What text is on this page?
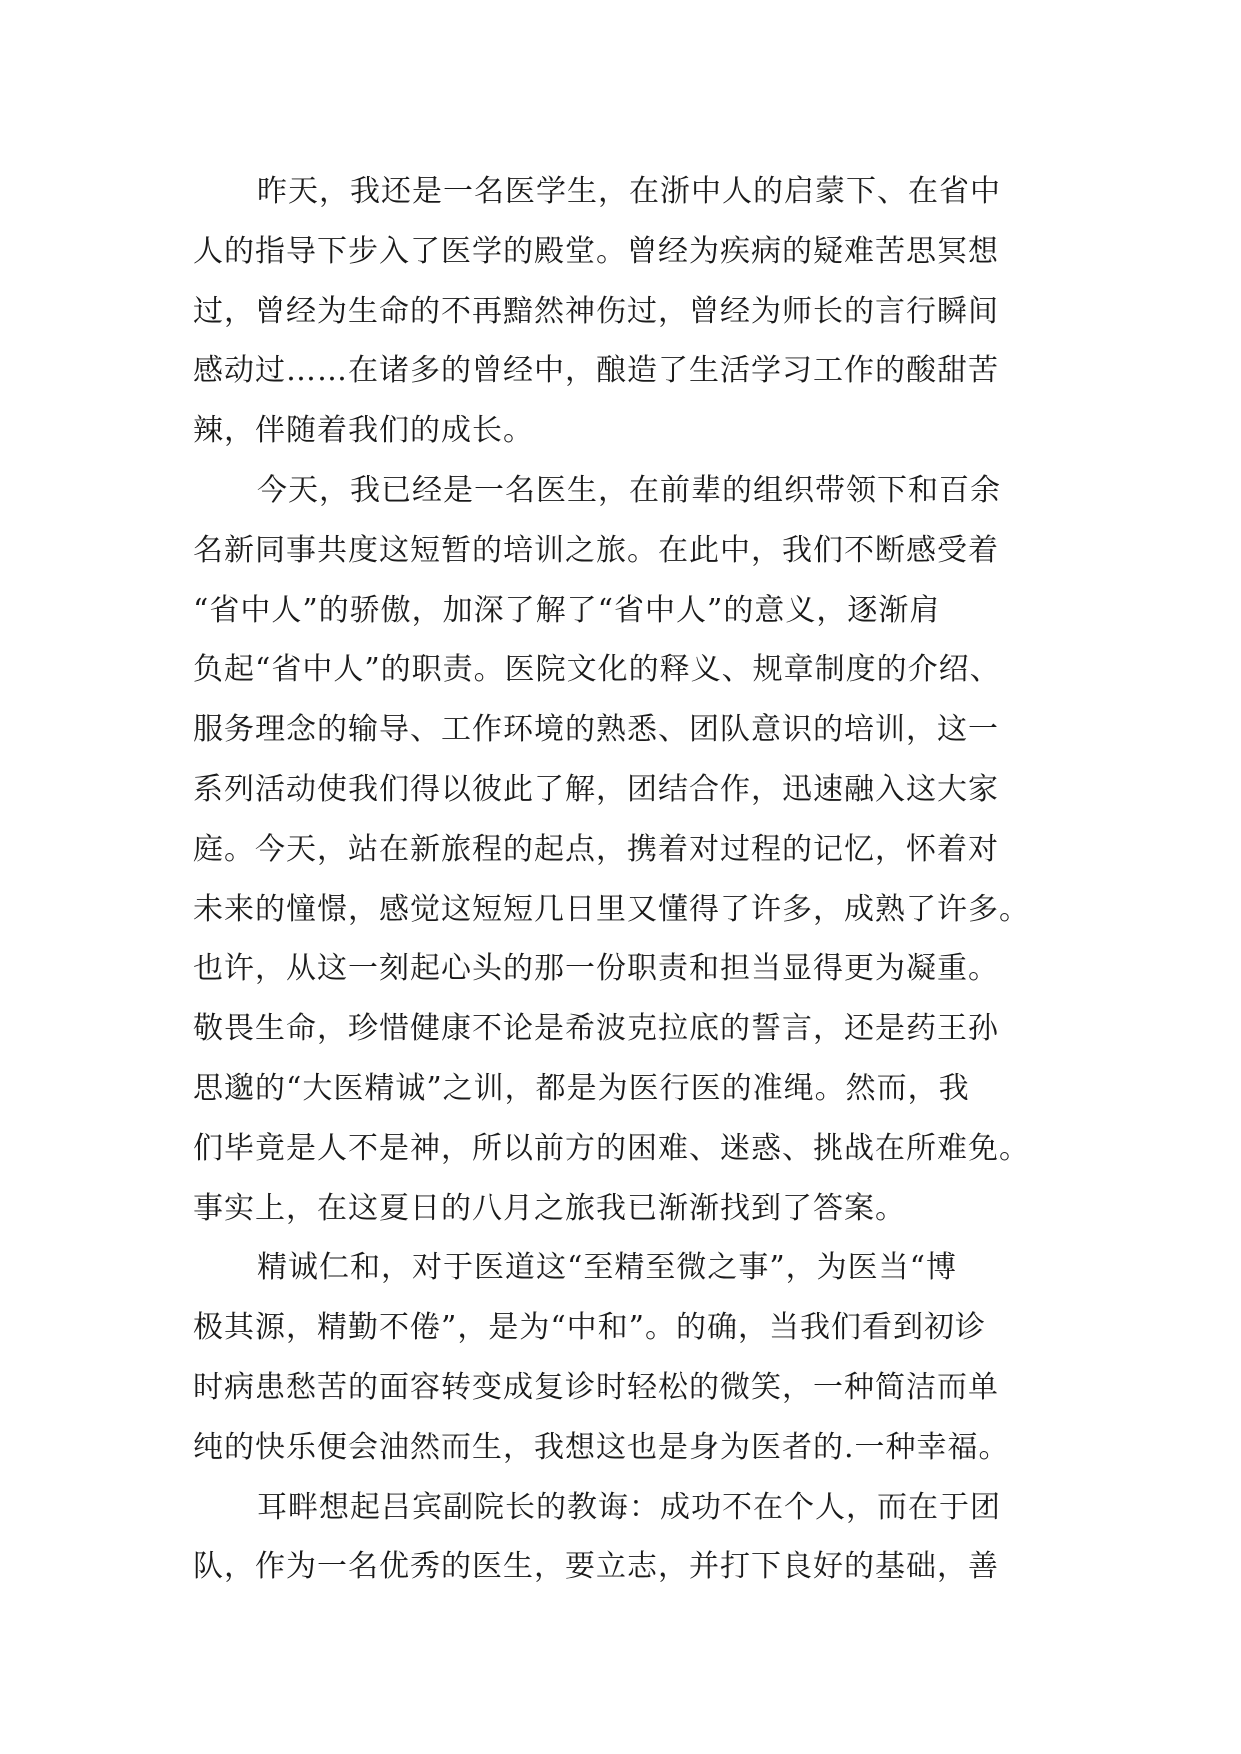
昨天，我还是一名医学生，在浙中人的启蒙下、在省中
人的指导下步入了医学的殿堂。曾经为疾病的疑难苦思冥想
过，曾经为生命的不再黯然神伤过，曾经为师长的言行瞬间
感动过……在诸多的曾经中，酿造了生活学习工作的酸甜苦
辣，伴随着我们的成长。
今天，我已经是一名医生，在前辈的组织带领下和百余
名新同事共度这短暂的培训之旅。在此中，我们不断感受着
“省中人”的骄傲，加深了解了“省中人”的意义，逐渐肩
负起“省中人”的职责。医院文化的释义、规章制度的介绍、
服务理念的输导、工作环境的熟悉、团队意识的培训，这一
系列活动使我们得以彼此了解，团结合作，迅速融入这大家
庭。今天，站在新旅程的起点，携着对过程的记忆，怀着对
未来的憧憬，感觉这短短几日里又懂得了许多，成熟了许多。
也许，从这一刻起心头的那一份职责和担当显得更为凝重。
敬畏生命，珍惜健康不论是希波克拉底的誓言，还是药王孙
思邈的“大医精诚”之训，都是为医行医的准绳。然而，我
们毕竟是人不是神，所以前方的困难、迷惑、挑战在所难免。
事实上，在这夏日的八月之旅我已渐渐找到了答案。
精诚仁和，对于医道这“至精至微之事”，为医当“博
极其源，精勤不倦”，是为“中和”。的确，当我们看到初诊
时病患愁苦的面容转变成复诊时轻松的微笑，一种简洁而单
纯的快乐便会油然而生，我想这也是身为医者的.一种幸福。
耳畔想起吕宾副院长的教诲：成功不在个人，而在于团
队，作为一名优秀的医生，要立志，并打下良好的基础，善
